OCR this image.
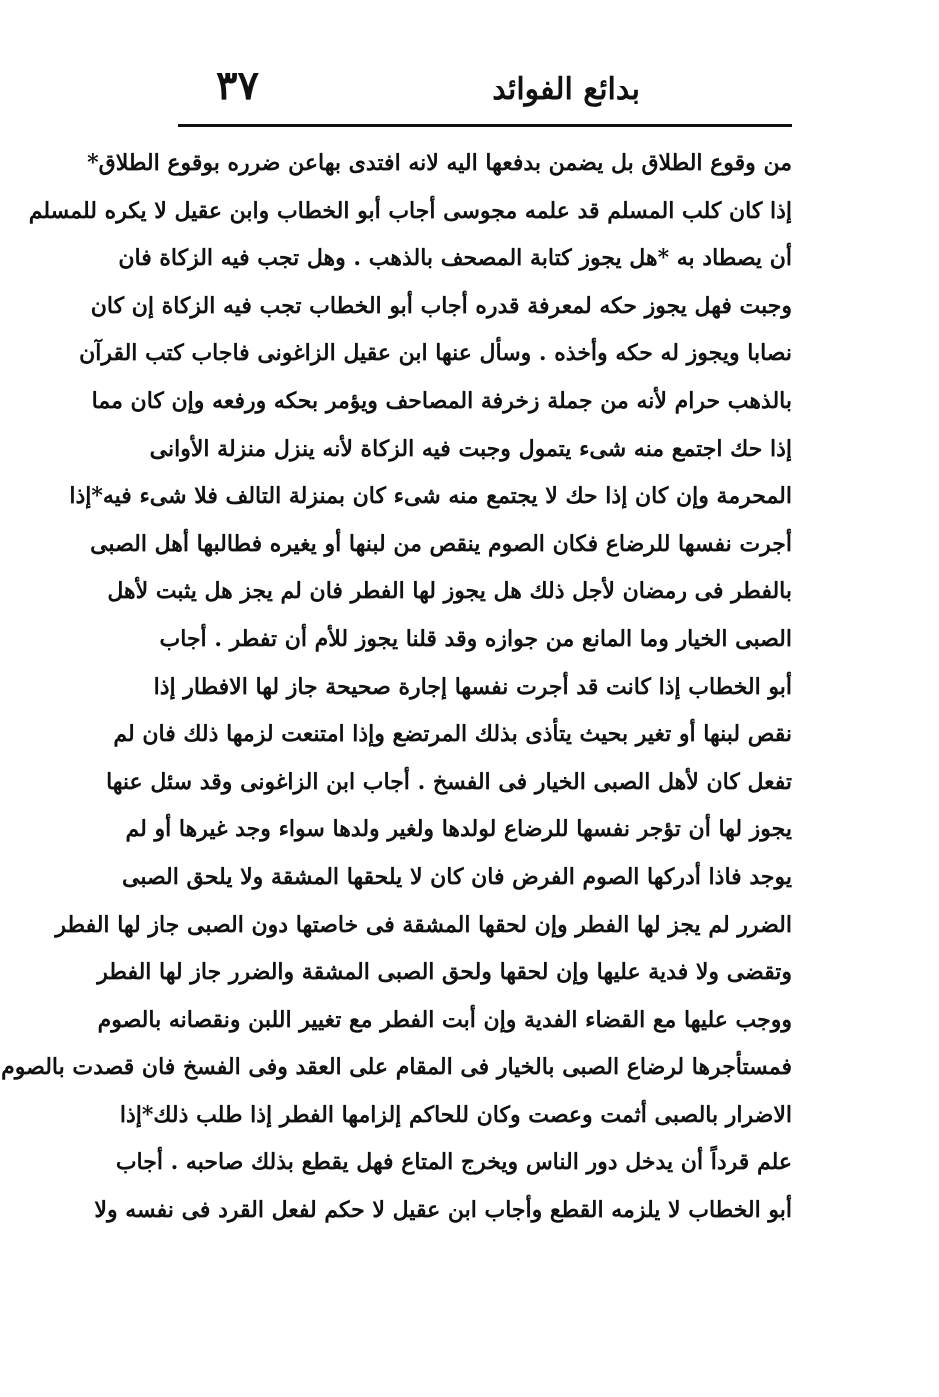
بدائع الفوائد
٣٧
من وقوع الطلاق بل يضمن بدفعها اليه لانه افتدى بهاعن ضرره بوقوع الطلاق*
إذا كان كلب المسلم قد علمه مجوسى أجاب أبو الخطاب وابن عقيل لا يكره للمسلم
أن يصطاد به *هل يجوز كتابة المصحف بالذهب . وهل تجب فيه الزكاة فان
وجبت فهل يجوز حكه لمعرفة قدره أجاب أبو الخطاب تجب فيه الزكاة إن كان
نصابا ويجوز له حكه وأخذه . وسأل عنها ابن عقيل الزاغونى فاجاب كتب القرآن
بالذهب حرام لأنه من جملة زخرفة المصاحف ويؤمر بحكه ورفعه وإن كان مما
إذا حك اجتمع منه شىء يتمول وجبت فيه الزكاة لأنه ينزل منزلة الأوانى
المحرمة وإن كان إذا حك لا يجتمع منه شىء كان بمنزلة التالف فلا شىء فيه*إذا
أجرت نفسها للرضاع فكان الصوم ينقص من لبنها أو يغيره فطالبها أهل الصبى
بالفطر فى رمضان لأجل ذلك هل يجوز لها الفطر فان لم يجز هل يثبت لأهل
الصبى الخيار وما المانع من جوازه وقد قلنا يجوز للأم أن تفطر . أجاب
أبو الخطاب إذا كانت قد أجرت نفسها إجارة صحيحة جاز لها الافطار إذا
نقص لبنها أو تغير بحيث يتأذى بذلك المرتضع وإذا امتنعت لزمها ذلك فان لم
تفعل كان لأهل الصبى الخيار فى الفسخ . أجاب ابن الزاغونى وقد سئل عنها
يجوز لها أن تؤجر نفسها للرضاع لولدها ولغير ولدها سواء وجد غيرها أو لم
يوجد فاذا أدركها الصوم الفرض فان كان لا يلحقها المشقة ولا يلحق الصبى
الضرر لم يجز لها الفطر وإن لحقها المشقة فى خاصتها دون الصبى جاز لها الفطر
وتقضى ولا فدية عليها وإن لحقها ولحق الصبى المشقة والضرر جاز لها الفطر
ووجب عليها مع القضاء الفدية وإن أبت الفطر مع تغيير اللبن ونقصانه بالصوم
فمستأجرها لرضاع الصبى بالخيار فى المقام على العقد وفى الفسخ فان قصدت بالصوم
الاضرار بالصبى أثمت وعصت وكان للحاكم إلزامها الفطر إذا طلب ذلك*إذا
علم قرداً أن يدخل دور الناس ويخرج المتاع فهل يقطع بذلك صاحبه . أجاب
أبو الخطاب لا يلزمه القطع وأجاب ابن عقيل لا حكم لفعل القرد فى نفسه ولا
